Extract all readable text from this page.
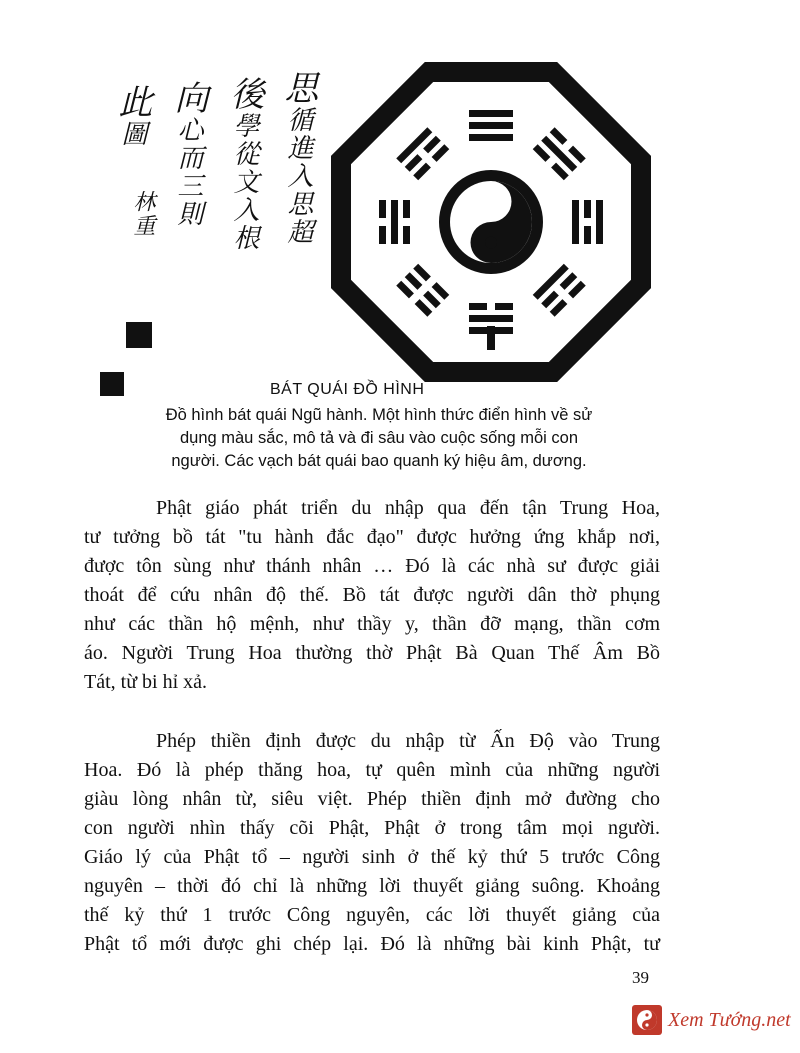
思循進入思超
後學從文入根
向心而三則
此圖
林重
BÁT QUÁI ĐỒ HÌNH
Đồ hình bát quái Ngũ hành. Một hình thức điển hình về sử
dụng màu sắc, mô tả và đi sâu vào cuộc sống mỗi con
người. Các vạch bát quái bao quanh ký hiệu âm, dương.

Phật giáo phát triển du nhập qua đến tận Trung Hoa,
tư tưởng bồ tát "tu hành đắc đạo" được hưởng ứng khắp nơi,
được tôn sùng như thánh nhân … Đó là các nhà sư được giải
thoát để cứu nhân độ thế. Bồ tát được người dân thờ phụng
như các thần hộ mệnh, như thầy y, thần đỡ mạng, thần cơm
áo. Người Trung Hoa thường thờ Phật Bà Quan Thế Âm Bồ
Tát, từ bi hỉ xả.

Phép thiền định được du nhập từ Ấn Độ vào Trung
Hoa. Đó là phép thăng hoa, tự quên mình của những người
giàu lòng nhân từ, siêu việt. Phép thiền định mở đường cho
con người nhìn thấy cõi Phật, Phật ở trong tâm mọi người.
Giáo lý của Phật tổ – người sinh ở thế kỷ thứ 5 trước Công
nguyên – thời đó chỉ là những lời thuyết giảng suông. Khoảng
thế kỷ thứ 1 trước Công nguyên, các lời thuyết giảng của
Phật tổ mới được ghi chép lại. Đó là những bài kinh Phật, tư

39
Xem Tướng.net
